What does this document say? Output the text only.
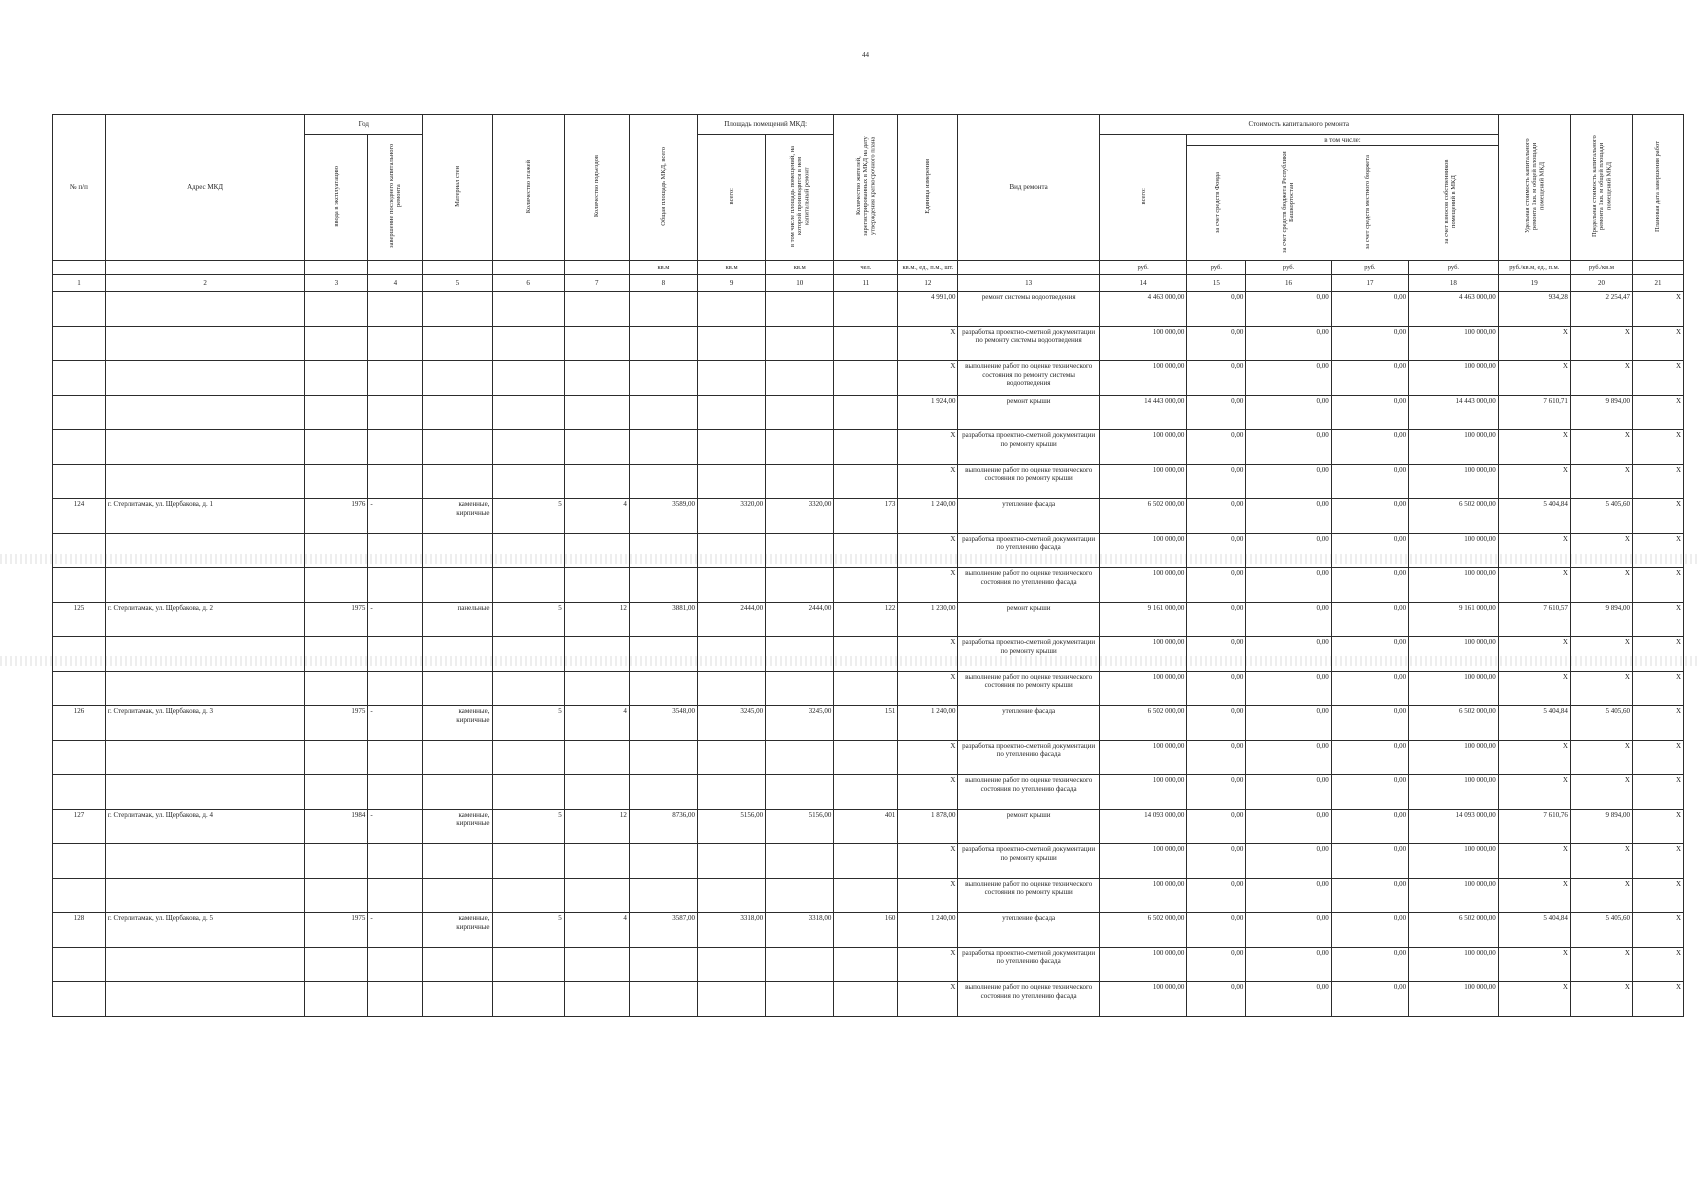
44
№ п/п	Адрес МКД	Год	Материал стен	Количество этажей	Количество подъездов	Общая площадь МКД, всего	Площадь помещений МКД:	Количество жителей, зарегистрированных в МКД на дату утверждения краткосрочного плана	Единица измерения	Вид ремонта	Стоимость капитального ремонта	Удельная стоимость капитального ремонта 1кв. м общей площади помещений МКД	Предельная стоимость капитального ремонта 1кв. м общей площади помещений МКД	Плановая дата завершения работ
ввода в эксплуатацию	завершение последнего капитального ремонта	всего:	в том числе площадь помещений, на которой производится в нем капитальный ремонт	всего:	
в том числе:
за счет средств Фонда	за счет средств бюджета Республики Башкортостан	за счет средств местного бюджета	за счет взносов собственников помещений в МКД

							кв.м	кв.м	кв.м	чел.	кв.м., ед., п.м., шт.		руб.	руб.	руб.	руб.	руб.	руб./кв.м, ед., п.м.	руб./кв.м	
1	2	3	4	5	6	7	8	9	10	11	12	13	14	15	16	17	18	19	20	21
											4 991,00	ремонт системы водоотведения	4 463 000,00	0,00	0,00	0,00	4 463 000,00	934,28	2 254,47	X
											X	разработка проектно-сметной документации по ремонту системы водоотведения	100 000,00	0,00	0,00	0,00	100 000,00	X	X	X
											X	выполнение работ по оценке технического состояния по ремонту системы водоотведения	100 000,00	0,00	0,00	0,00	100 000,00	X	X	X
											1 924,00	ремонт крыши	14 443 000,00	0,00	0,00	0,00	14 443 000,00	7 610,71	9 894,00	X
											X	разработка проектно-сметной документации по ремонту крыши	100 000,00	0,00	0,00	0,00	100 000,00	X	X	X
											X	выполнение работ по оценке технического состояния по ремонту крыши	100 000,00	0,00	0,00	0,00	100 000,00	X	X	X
124	г. Стерлитамак, ул. Щербакова, д. 1	1976	-	каменные, кирпичные	5	4	3589,00	3320,00	3320,00	173	1 240,00	утепление фасада	6 502 000,00	0,00	0,00	0,00	6 502 000,00	5 404,84	5 405,60	X
											X	разработка проектно-сметной документации по утеплению фасада	100 000,00	0,00	0,00	0,00	100 000,00	X	X	X
											X	выполнение работ по оценке технического состояния по утеплению фасада	100 000,00	0,00	0,00	0,00	100 000,00	X	X	X
125	г. Стерлитамак, ул. Щербакова, д. 2	1975	-	панельные	5	12	3881,00	2444,00	2444,00	122	1 230,00	ремонт крыши	9 161 000,00	0,00	0,00	0,00	9 161 000,00	7 610,57	9 894,00	X
											X	разработка проектно-сметной документации по ремонту крыши	100 000,00	0,00	0,00	0,00	100 000,00	X	X	X
											X	выполнение работ по оценке технического состояния по ремонту крыши	100 000,00	0,00	0,00	0,00	100 000,00	X	X	X
126	г. Стерлитамак, ул. Щербакова, д. 3	1975	-	каменные, кирпичные	5	4	3548,00	3245,00	3245,00	151	1 240,00	утепление фасада	6 502 000,00	0,00	0,00	0,00	6 502 000,00	5 404,84	5 405,60	X
											X	разработка проектно-сметной документации по утеплению фасада	100 000,00	0,00	0,00	0,00	100 000,00	X	X	X
											X	выполнение работ по оценке технического состояния по утеплению фасада	100 000,00	0,00	0,00	0,00	100 000,00	X	X	X
127	г. Стерлитамак, ул. Щербакова, д. 4	1984	-	каменные, кирпичные	5	12	8736,00	5156,00	5156,00	401	1 878,00	ремонт крыши	14 093 000,00	0,00	0,00	0,00	14 093 000,00	7 610,76	9 894,00	X
											X	разработка проектно-сметной документации по ремонту крыши	100 000,00	0,00	0,00	0,00	100 000,00	X	X	X
											X	выполнение работ по оценке технического состояния по ремонту крыши	100 000,00	0,00	0,00	0,00	100 000,00	X	X	X
128	г. Стерлитамак, ул. Щербакова, д. 5	1975	-	каменные, кирпичные	5	4	3587,00	3318,00	3318,00	160	1 240,00	утепление фасада	6 502 000,00	0,00	0,00	0,00	6 502 000,00	5 404,84	5 405,60	X
											X	разработка проектно-сметной документации по утеплению фасада	100 000,00	0,00	0,00	0,00	100 000,00	X	X	X
											X	выполнение работ по оценке технического состояния по утеплению фасада	100 000,00	0,00	0,00	0,00	100 000,00	X	X	X
